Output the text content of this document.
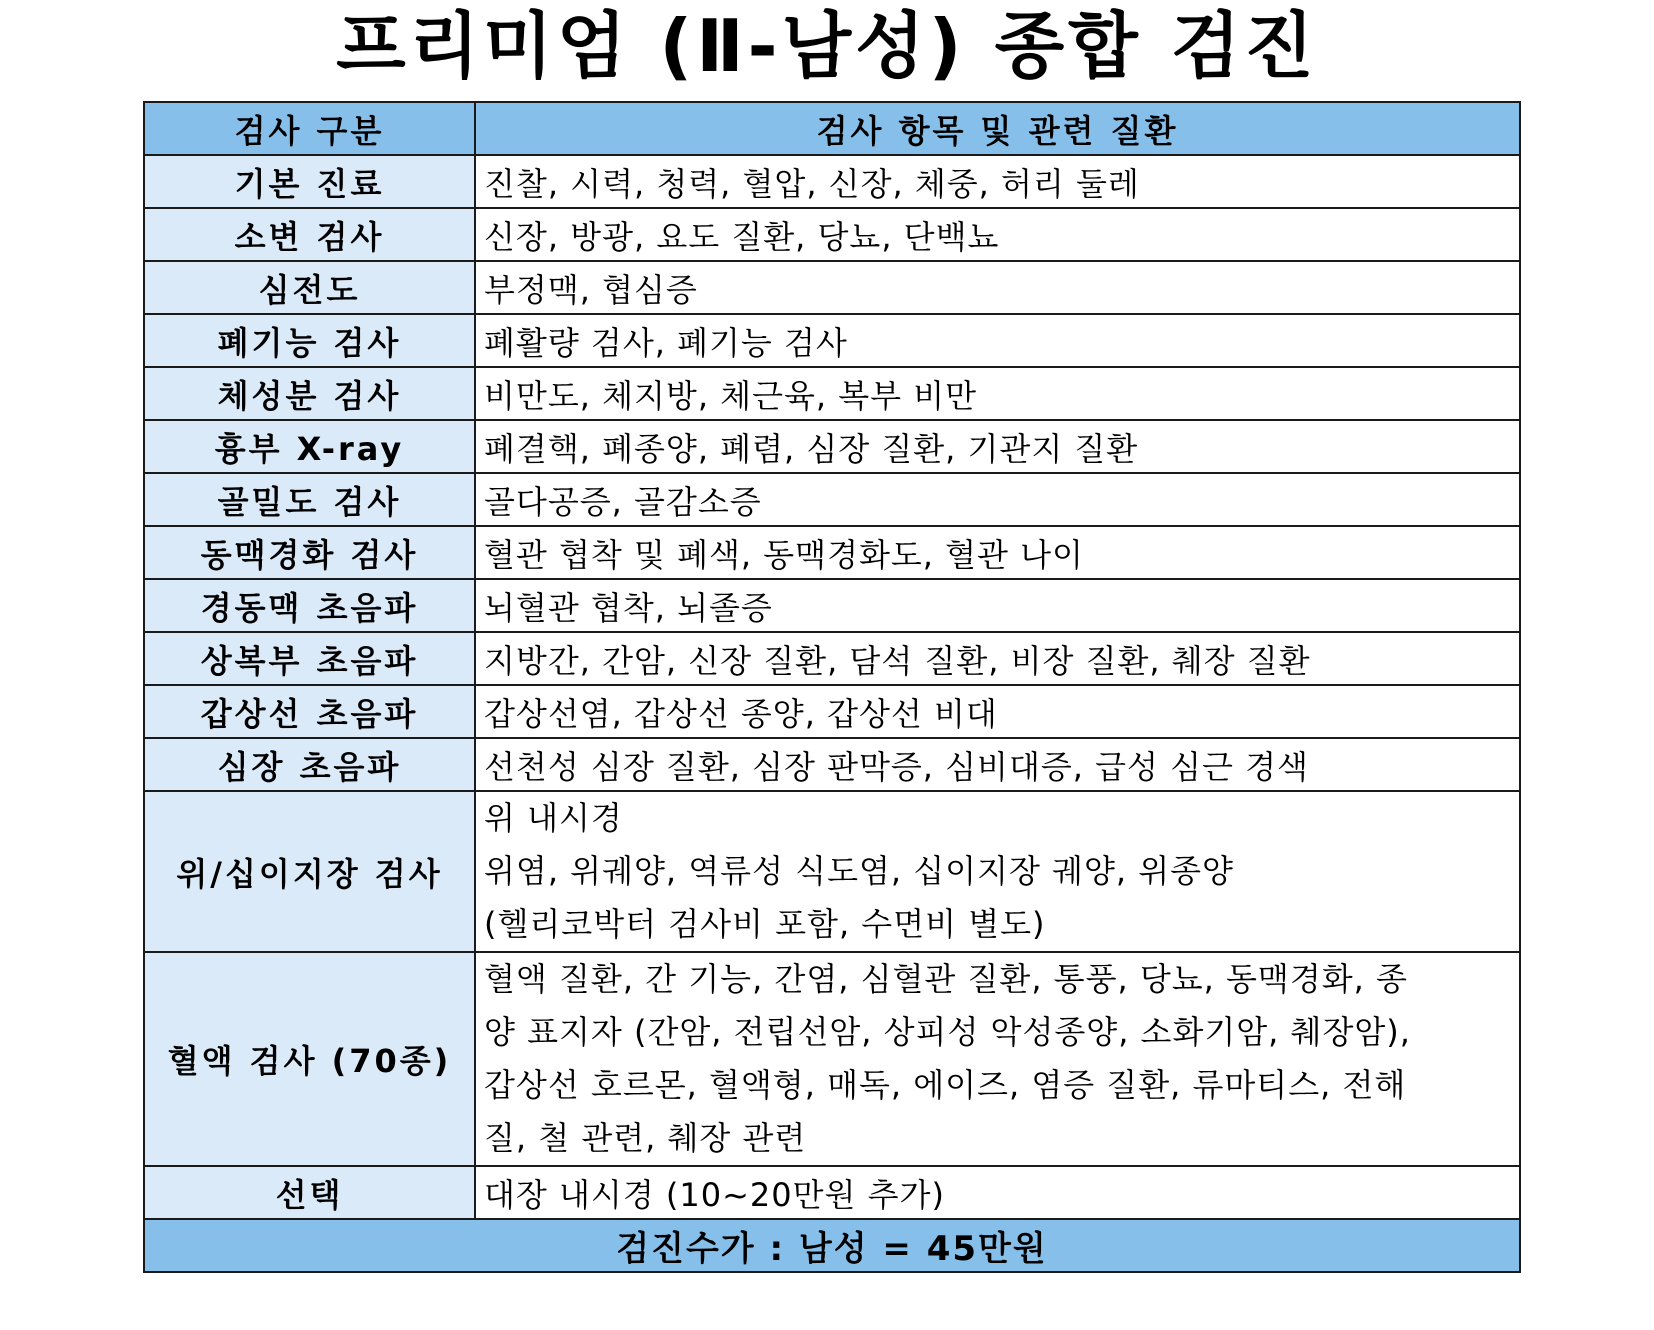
프리미엄 (Ⅱ-남성) 종합 검진
검사 구분	검사 항목 및 관련 질환
기본 진료	진찰, 시력, 청력, 혈압, 신장, 체중, 허리 둘레
소변 검사	신장, 방광, 요도 질환, 당뇨, 단백뇨
심전도	부정맥, 협심증
폐기능 검사	폐활량 검사, 폐기능 검사
체성분 검사	비만도, 체지방, 체근육, 복부 비만
흉부 X-ray	폐결핵, 폐종양, 폐렴, 심장 질환, 기관지 질환
골밀도 검사	골다공증, 골감소증
동맥경화 검사	혈관 협착 및 폐색, 동맥경화도, 혈관 나이
경동맥 초음파	뇌혈관 협착, 뇌졸증
상복부 초음파	지방간, 간암, 신장 질환, 담석 질환, 비장 질환, 췌장 질환
갑상선 초음파	갑상선염, 갑상선 종양, 갑상선 비대
심장 초음파	선천성 심장 질환, 심장 판막증, 심비대증, 급성 심근 경색
위/십이지장 검사	위 내시경
위염, 위궤양, 역류성 식도염, 십이지장 궤양, 위종양
(헬리코박터 검사비 포함, 수면비 별도)

혈액 검사 (70종)	혈액 질환, 간 기능, 간염, 심혈관 질환, 통풍, 당뇨, 동맥경화, 종
양 표지자 (간암, 전립선암, 상피성 악성종양, 소화기암, 췌장암),
갑상선 호르몬, 혈액형, 매독, 에이즈, 염증 질환, 류마티스, 전해
질, 철 관련, 췌장 관련

선택	대장 내시경 (10~20만원 추가)
검진수가 : 남성 = 45만원	
